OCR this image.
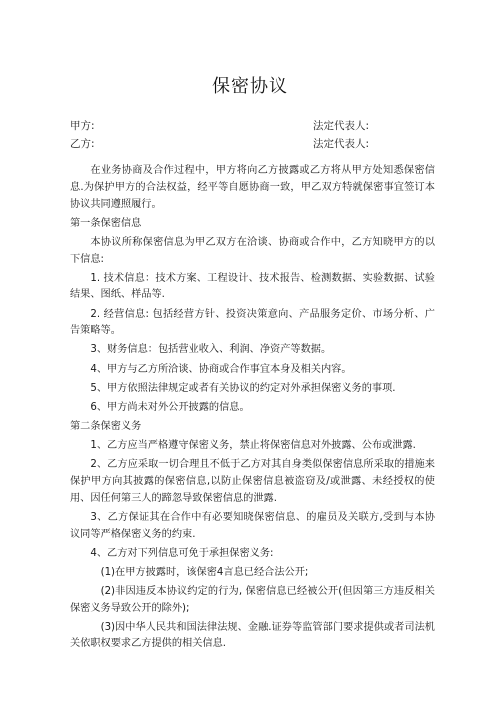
保密协议
甲方:	法定代表人:
乙方:	法定代表人:

在业务协商及合作过程中，甲方将向乙方披露或乙方将从甲方处知悉保密信息.为保护甲方的合法权益，经平等自愿协商一致，甲乙双方特就保密事宜签订本协议共同遵照履行。

第一条保密信息

本协议所称保密信息为甲乙双方在洽谈、协商或合作中，乙方知晓甲方的以下信息:

1. 技术信息：技术方案、工程设计、技术报告、检测数据、实验数据、试验结果、图纸、样品等.

2. 经营信息: 包括经营方针、投资决策意向、产品服务定价、市场分析、广告策略等。

3、财务信息：包括营业收入、利润、净资产等数据。

4、甲方与乙方所洽谈、协商或合作事宜本身及相关内容。

5、甲方依照法律规定或者有关协议的约定对外承担保密义务的事项.

6、甲方尚未对外公开披露的信息。

第二条保密义务

1、乙方应当严格遵守保密义务，禁止将保密信息对外披露、公布或泄露.

2、乙方应采取一切合理且不低于乙方对其自身类似保密信息所采取的措施来保护甲方向其披露的保密信息,以防止保密信息被盗窃及/或泄露、未经授权的使用、因任何第三人的蹄忽导致保密信息的泄露.

3、乙方保证其在合作中有必要知晓保密信息、的雇员及关联方,受到与本协议同等严格保密义务的约束.

4、乙方对下列信息可免于承担保密义务:

(1)在甲方披露时，该保密4言息已经合法公开;

(2)非因违反本协议约定的行为, 保密信息已经被公开(但因第三方违反相关保密义务导致公开的除外);

(3)因中华人民共和国法律法规、金融.证券等监管部门要求提供或者司法机关依职权要求乙方提供的相关信息.
